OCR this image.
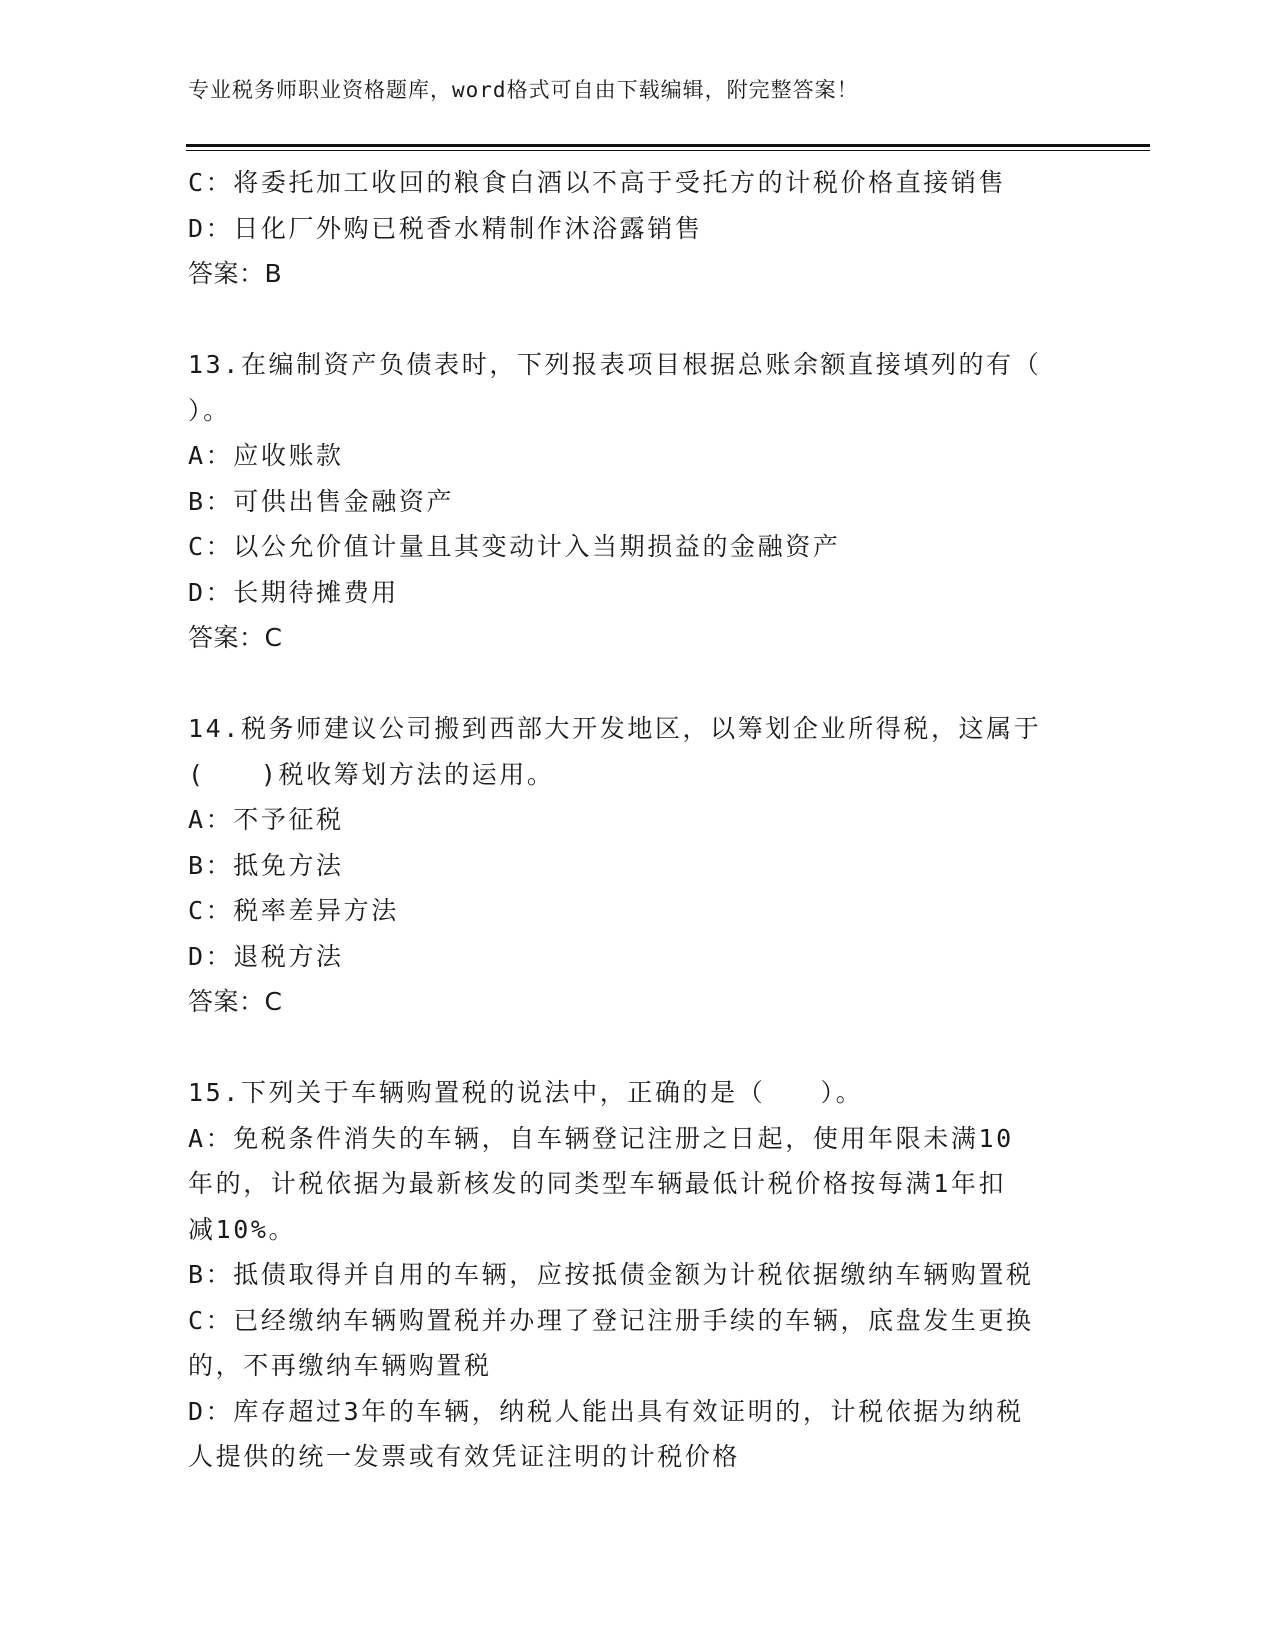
专业税务师职业资格题库，word格式可自由下载编辑，附完整答案！
C：将委托加工收回的粮食白酒以不高于受托方的计税价格直接销售
D：日化厂外购已税香水精制作沐浴露销售
答案：B
13.在编制资产负债表时，下列报表项目根据总账余额直接填列的有（
）。
A：应收账款
B：可供出售金融资产
C：以公允价值计量且其变动计入当期损益的金融资产
D：长期待摊费用
答案：C
14.税务师建议公司搬到西部大开发地区，以筹划企业所得税，这属于
(　　)税收筹划方法的运用。
A：不予征税
B：抵免方法
C：税率差异方法
D：退税方法
答案：C
15.下列关于车辆购置税的说法中，正确的是（　　）。
A：免税条件消失的车辆，自车辆登记注册之日起，使用年限未满10
年的，计税依据为最新核发的同类型车辆最低计税价格按每满1年扣
减10%。
B：抵债取得并自用的车辆，应按抵债金额为计税依据缴纳车辆购置税
C：已经缴纳车辆购置税并办理了登记注册手续的车辆，底盘发生更换
的，不再缴纳车辆购置税
D：库存超过3年的车辆，纳税人能出具有效证明的，计税依据为纳税
人提供的统一发票或有效凭证注明的计税价格
